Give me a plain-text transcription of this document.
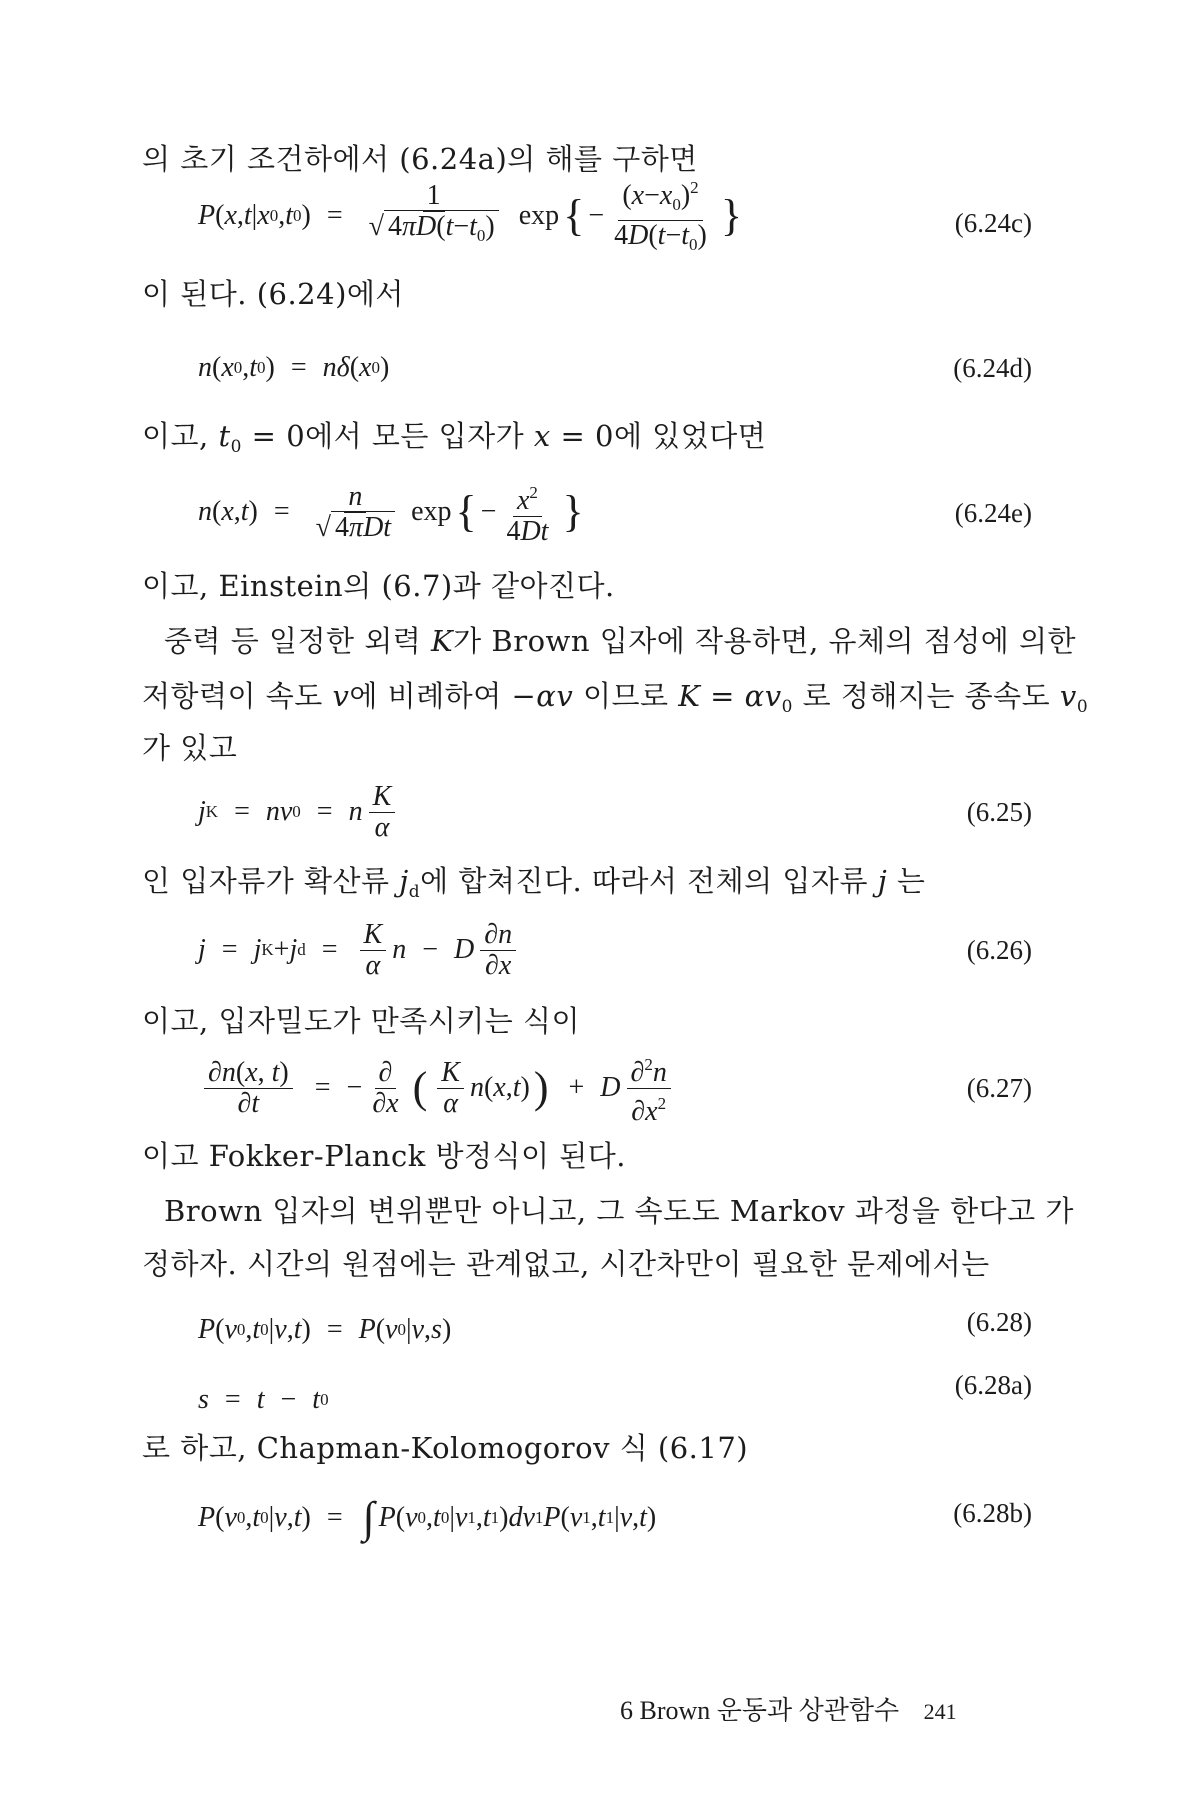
의 초기 조건하에서 (6.24a)의 해를 구하면
P ( x , t | x 0 , t 0 )
= $\frac{1}{√ 4\pi D(t-t_0)}$ exp { − $\frac{(x-x_0)^2}{4D(t-t_0)}$ }	(6.24c)
이 된다. (6.24)에서
n ( x 0 , t 0 ) = nδ ( x 0 )	(6.24d)
이고, $t_0 = 0$에서 모든 입자가 x = 0에 있었다면
n ( x , t ) = $\frac{n}{\text{√ 4πDt}}$ exp { − $\frac{x^2}{4Dt}$ }	(6.24e)
이고, Einstein의 (6.7)과 같아진다.
중력 등 일정한 외력 K가 Brown 입자에 작용하면, 유체의 점성에 의한
저항력이 속도 v에 비례하여 −αv 이므로 $K = \alpha v_0$ 로 정해지는 종속도 $v_0$
가 있고
j K = nv 0 = n $\frac{K}{\alpha}$	(6.25)
인 입자류가 확산류 $j_d$에 합쳐진다. 따라서 전체의 입자류 j 는
j = j K + j $d = \frac{K}{\alpha}$ n − D $\frac{\partial n}{\partial x}$	(6.26)
이고, 입자밀도가 만족시키는 식이
$\frac{\partial n(x, t)}{\partial t}$ = − $\frac{\partial}{\partial x}$ ( $\frac{K}{\alpha}$ n ( x , t ) ) + D $\frac{\partial^2n}{\partial x^2}$	(6.27)
이고 Fokker-Planck 방정식이 된다.
Brown 입자의 변위뿐만 아니고, 그 속도도 Markov 과정을 한다고 가
정하자. 시간의 원점에는 관계없고, 시간차만이 필요한 문제에서는
P ( v 0 , t 0 | v , t ) = P ( v 0 | v , s )	(6.28)
s = t − t 0	(6.28a)
로 하고, Chapman-Kolomogorov 식 (6.17)
P ( v 0 , t 0 | v , t ) = ∫ P ( v 0 , t 0 | v 1 , t 1 ) dv 1 P ( v 1 , t 1 | v , t )	(6.28b)
6 Brown 운동과 상관함수 241
